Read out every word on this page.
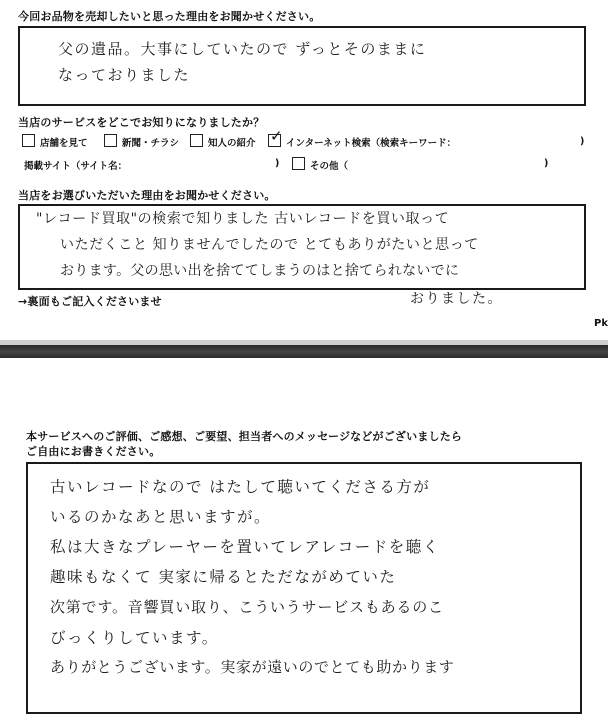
今回お品物を売却したいと思った理由をお聞かせください。
父の遺品。大事にしていたので ずっとそのままに
なっておりました
当店のサービスをどこでお知りになりましたか？
店舗を見て	新聞・チラシ	知人の紹介 ✓ インターネット検索（検索キーワード：	)
掲載サイト（サイト名：	)	その他（	)
当店をお選びいただいた理由をお聞かせください。
"レコード買取"の検索で知りました 古いレコードを買い取って
いただくこと 知りませんでしたので とてもありがたいと思って
おります。父の思い出を捨ててしまうのはと捨てられないでに
→裏面もご記入くださいませ	おりました。
Pk
本サービスへのご評価、ご感想、ご要望、担当者へのメッセージなどがございましたら
ご自由にお書きください。
古いレコードなので はたして聴いてくださる方が
いるのかなあと思いますが。
私は大きなプレーヤーを置いてレアレコードを聴く
趣味もなくて 実家に帰るとただながめていた
次第です。音響買い取り、こういうサービスもあるのこ
びっくりしています。
ありがとうございます。実家が遠いのでとても助かります
